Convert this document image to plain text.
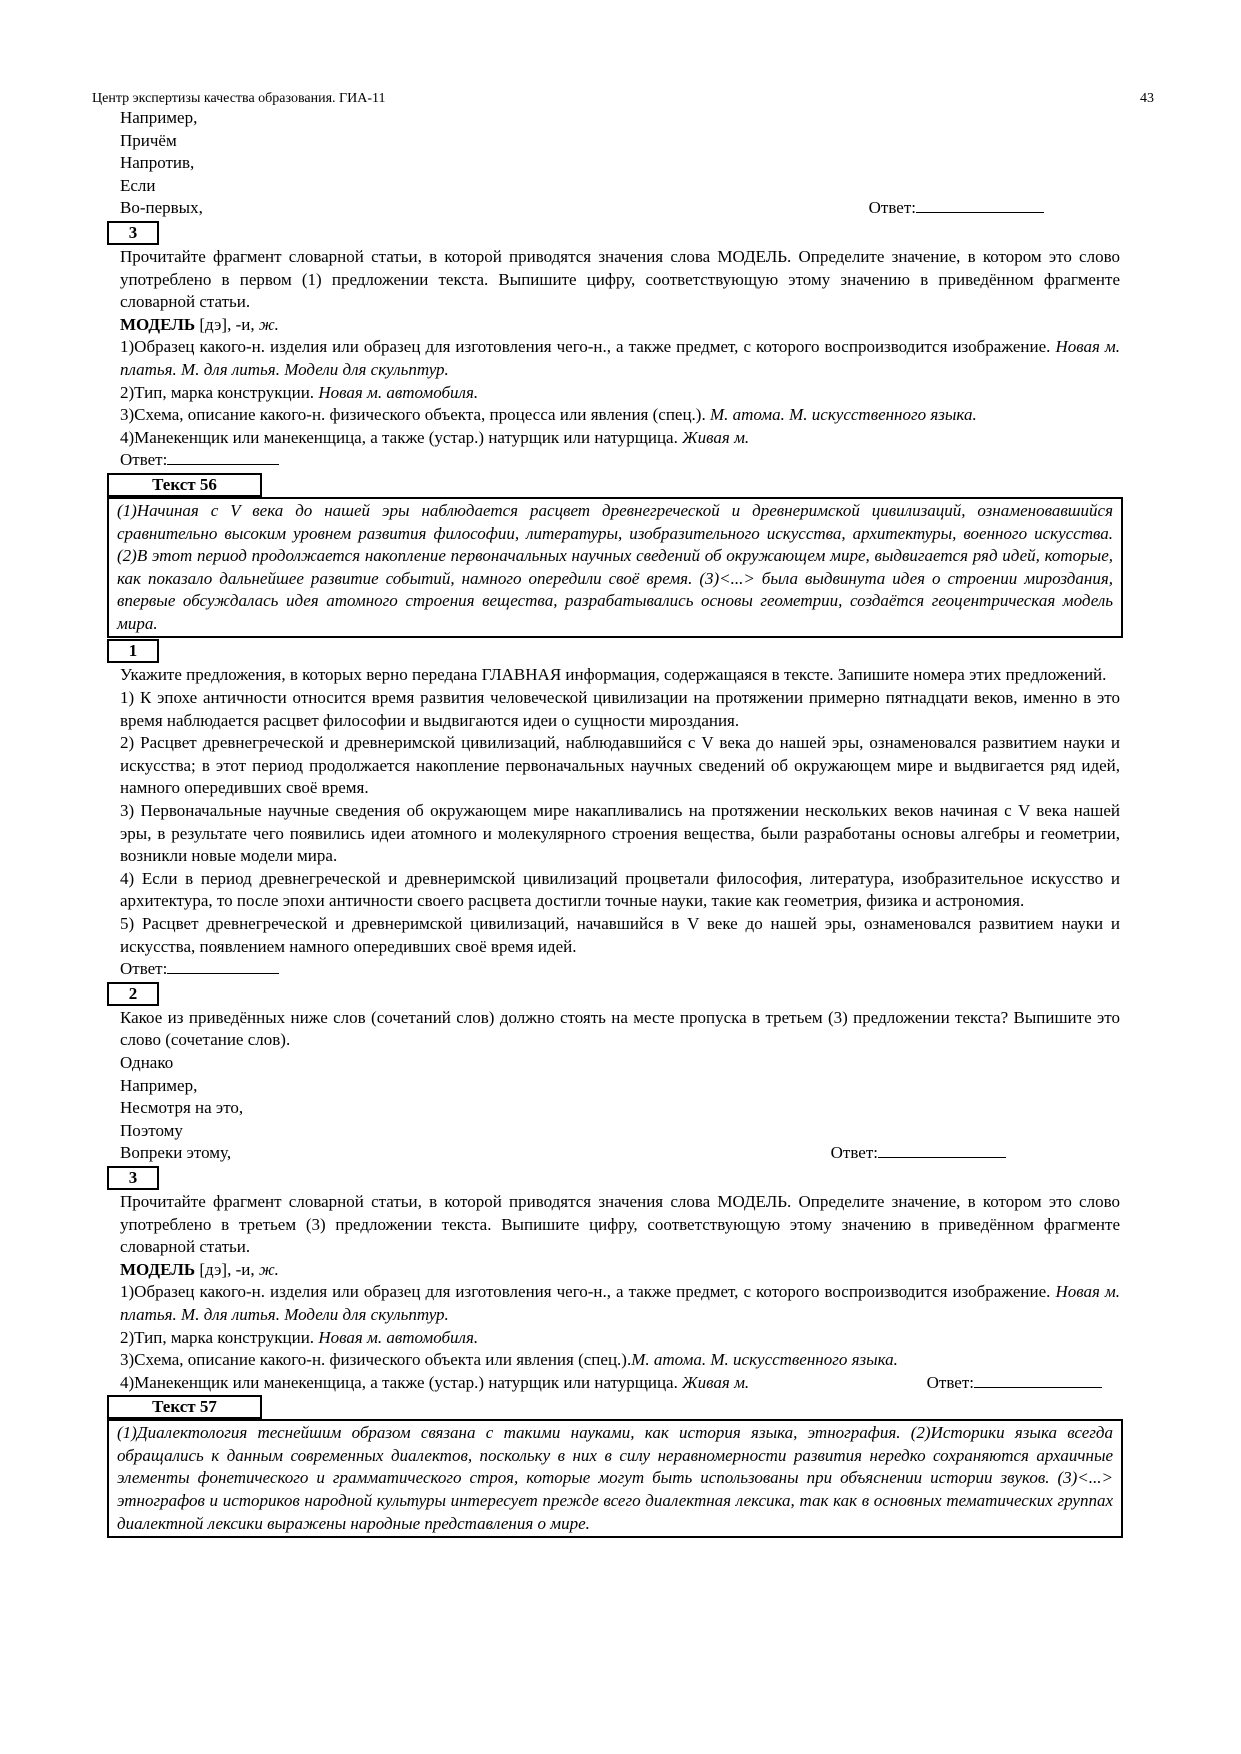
Центр экспертизы качества образования. ГИА-11	43
Например,
Причём
Напротив,
Если
Во-первых,	Ответ:
3
Прочитайте фрагмент словарной статьи, в которой приводятся значения слова МОДЕЛЬ. Определите значение, в котором это слово употреблено в первом (1) предложении текста. Выпишите цифру, соответствующую этому значению в приведённом фрагменте словарной статьи.
МОДЕЛЬ [дэ], -и, ж.
1)Образец какого-н. изделия или образец для изготовления чего-н., а также предмет, с которого воспроизводится изображение. Новая м. платья. М. для литья. Модели для скульптур.
2)Тип, марка конструкции. Новая м. автомобиля.
3)Схема, описание какого-н. физического объекта, процесса или явления (спец.). М. атома. М. искусственного языка.
4)Манекенщик или манекенщица, а также (устар.) натурщик или натурщица. Живая м.
Ответ:
Текст 56
(1)Начиная с V века до нашей эры наблюдается расцвет древнегреческой и древнеримской цивилизаций, ознаменовавшийся сравнительно высоким уровнем развития философии, литературы, изобразительного искусства, архитектуры, военного искусства. (2)В этот период продолжается накопление первоначальных научных сведений об окружающем мире, выдвигается ряд идей, которые, как показало дальнейшее развитие событий, намного опередили своё время. (3)<...> была выдвинута идея о строении мироздания, впервые обсуждалась идея атомного строения вещества, разрабатывались основы геометрии, создаётся геоцентрическая модель мира.
1
Укажите предложения, в которых верно передана ГЛАВНАЯ информация, содержащаяся в тексте. Запишите номера этих предложений.
1) К эпохе античности относится время развития человеческой цивилизации на протяжении примерно пятнадцати веков, именно в это время наблюдается расцвет философии и выдвигаются идеи о сущности мироздания.
2) Расцвет древнегреческой и древнеримской цивилизаций, наблюдавшийся с V века до нашей эры, ознаменовался развитием науки и искусства; в этот период продолжается накопление первоначальных научных сведений об окружающем мире и выдвигается ряд идей, намного опередивших своё время.
3) Первоначальные научные сведения об окружающем мире накапливались на протяжении нескольких веков начиная с V века нашей эры, в результате чего появились идеи атомного и молекулярного строения вещества, были разработаны основы алгебры и геометрии, возникли новые модели мира.
4) Если в период древнегреческой и древнеримской цивилизаций процветали философия, литература, изобразительное искусство и архитектура, то после эпохи античности своего расцвета достигли точные науки, такие как геометрия, физика и астрономия.
5) Расцвет древнегреческой и древнеримской цивилизаций, начавшийся в V веке до нашей эры, ознаменовался развитием науки и искусства, появлением намного опередивших своё время идей.
Ответ:
2
Какое из приведённых ниже слов (сочетаний слов) должно стоять на месте пропуска в третьем (3) предложении текста? Выпишите это слово (сочетание слов).
Однако
Например,
Несмотря на это,
Поэтому
Вопреки этому,	Ответ:
3
Прочитайте фрагмент словарной статьи, в которой приводятся значения слова МОДЕЛЬ. Определите значение, в котором это слово употреблено в третьем (3) предложении текста. Выпишите цифру, соответствующую этому значению в приведённом фрагменте словарной статьи.
МОДЕЛЬ [дэ], -и, ж.
1)Образец какого-н. изделия или образец для изготовления чего-н., а также предмет, с которого воспроизводится изображение. Новая м. платья. М. для литья. Модели для скульптур.
2)Тип, марка конструкции. Новая м. автомобиля.
3)Схема, описание какого-н. физического объекта или явления (спец.).М. атома. М. искусственного языка.
4)Манекенщик или манекенщица, а также (устар.) натурщик или натурщица. Живая м.	Ответ:
Текст 57
(1)Диалектология теснейшим образом связана с такими науками, как история языка, этнография. (2)Историки языка всегда обращались к данным современных диалектов, поскольку в них в силу неравномерности развития нередко сохраняются архаичные элементы фонетического и грамматического строя, которые могут быть использованы при объяснении истории звуков. (3)<...> этнографов и историков народной культуры интересует прежде всего диалектная лексика, так как в основных тематических группах диалектной лексики выражены народные представления о мире.
